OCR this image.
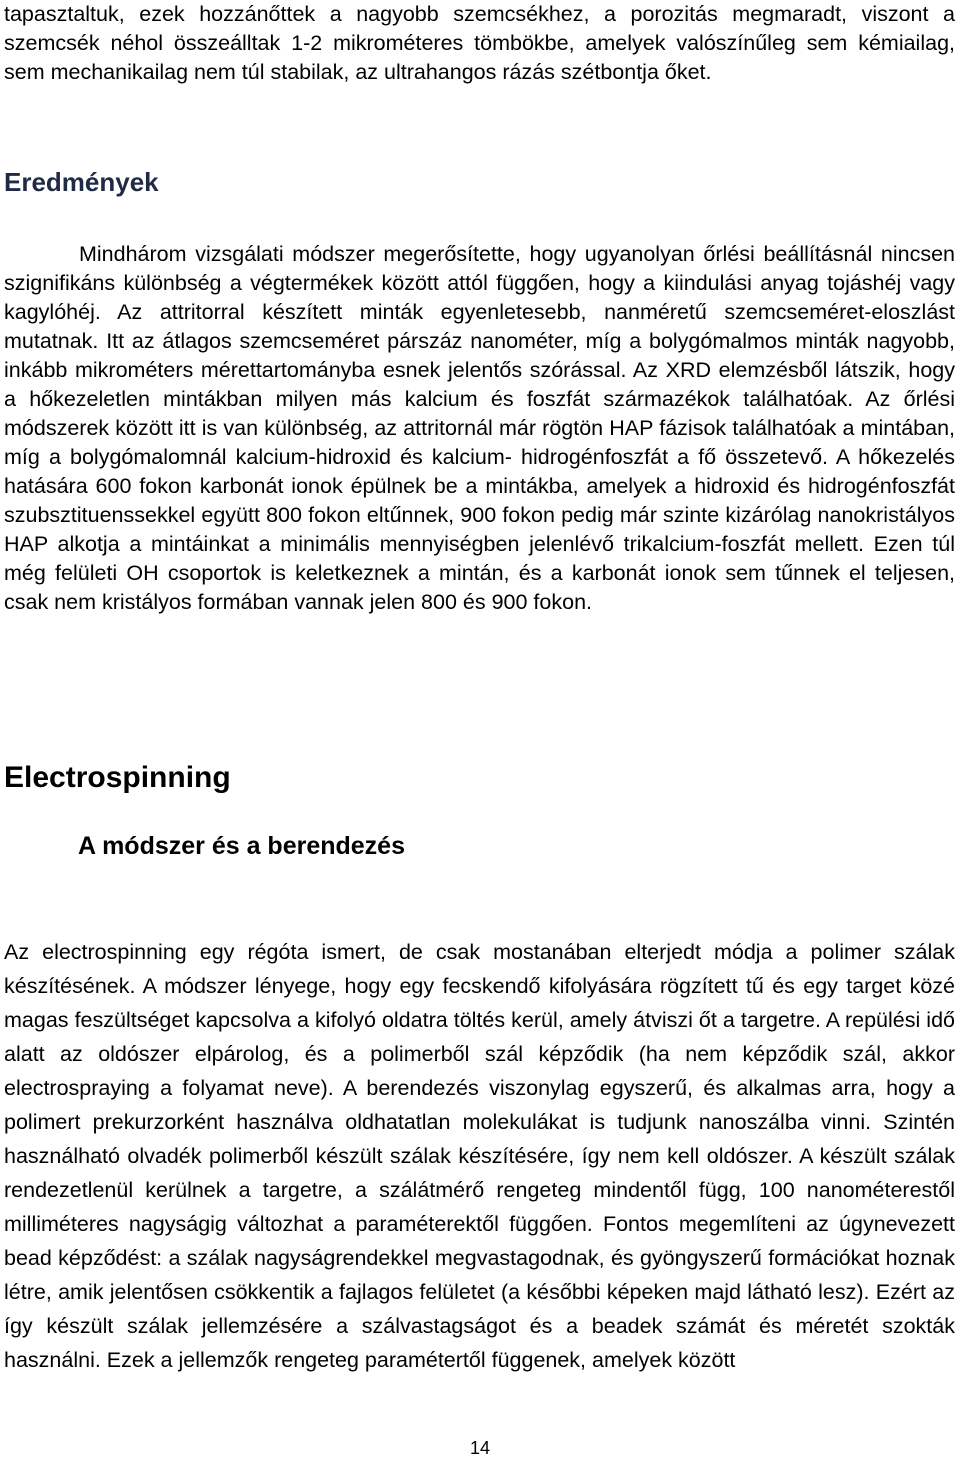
tapasztaltuk, ezek hozzánőttek a nagyobb szemcsékhez, a porozitás megmaradt, viszont a szemcsék néhol összeálltak 1-2 mikrométeres tömbökbe, amelyek valószínűleg sem kémiailag, sem mechanikailag nem túl stabilak, az ultrahangos rázás szétbontja őket.

Eredmények

Mindhárom vizsgálati módszer megerősítette, hogy ugyanolyan őrlési beállításnál nincsen szignifikáns különbség a végtermékek között attól függően, hogy a kiindulási anyag tojáshéj vagy kagylóhéj. Az attritorral készített minták egyenletesebb, nanméretű szemcseméret-eloszlást mutatnak. Itt az átlagos szemcseméret párszáz nanométer, míg a bolygómalmos minták nagyobb, inkább mikrométers mérettartományba esnek jelentős szórással. Az XRD elemzésből látszik, hogy a hőkezeletlen mintákban milyen más kalcium és foszfát származékok találhatóak. Az őrlési módszerek között itt is van különbség, az attritornál már rögtön HAP fázisok találhatóak a mintában, míg a bolygómalomnál kalcium-hidroxid és kalcium- hidrogénfoszfát a fő összetevő. A hőkezelés hatására 600 fokon karbonát ionok épülnek be a mintákba, amelyek a hidroxid és hidrogénfoszfát szubsztituenssekkel együtt 800 fokon eltűnnek, 900 fokon pedig már szinte kizárólag nanokristályos HAP alkotja a mintáinkat a minimális mennyiségben jelenlévő trikalcium-foszfát mellett. Ezen túl még felületi OH csoportok is keletkeznek a mintán, és a karbonát ionok sem tűnnek el teljesen, csak nem kristályos formában vannak jelen 800 és 900 fokon.

Electrospinning
A módszer és a berendezés

Az electrospinning egy régóta ismert, de csak mostanában elterjedt módja a polimer szálak készítésének. A módszer lényege, hogy egy fecskendő kifolyására rögzített tű és egy target közé magas feszültséget kapcsolva a kifolyó oldatra töltés kerül, amely átviszi őt a targetre. A repülési idő alatt az oldószer elpárolog, és a polimerből szál képződik (ha nem képződik szál, akkor electrospraying a folyamat neve). A berendezés viszonylag egyszerű, és alkalmas arra, hogy a polimert prekurzorként használva oldhatatlan molekulákat is tudjunk nanoszálba vinni. Szintén használható olvadék polimerből készült szálak készítésére, így nem kell oldószer. A készült szálak rendezetlenül kerülnek a targetre, a szálátmérő rengeteg mindentől függ, 100 nanométerestől milliméteres nagyságig változhat a paraméterektől függően. Fontos megemlíteni az úgynevezett bead képződést: a szálak nagyságrendekkel megvastagodnak, és gyöngyszerű formációkat hoznak létre, amik jelentősen csökkentik a fajlagos felületet (a későbbi képeken majd látható lesz). Ezért az így készült szálak jellemzésére a szálvastagságot és a beadek számát és méretét szokták használni. Ezek a jellemzők rengeteg paramétertől függenek, amelyek között

14
